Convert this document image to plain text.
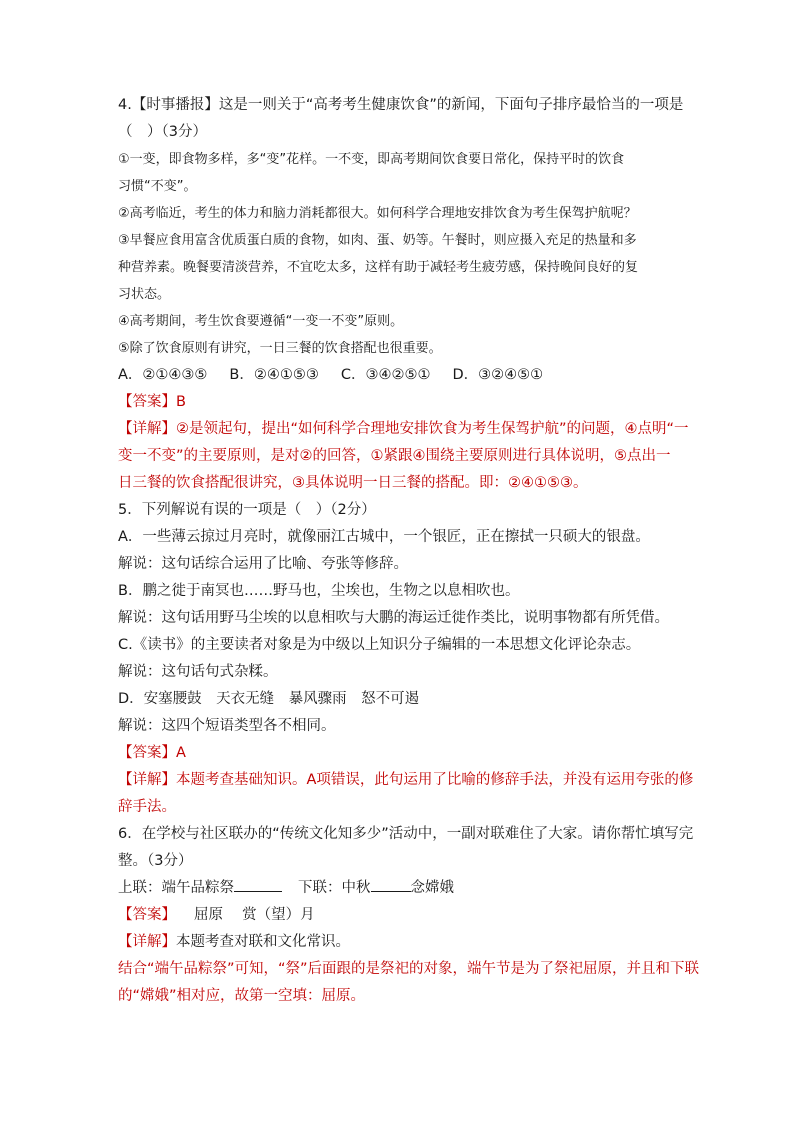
4.【时事播报】这是一则关于“高考考生健康饮食”的新闻，下面句子排序最恰当的一项是
（　）（3分）
①一变，即食物多样，多“变”花样。一不变，即高考期间饮食要日常化，保持平时的饮食
习惯“不变”。
②高考临近，考生的体力和脑力消耗都很大。如何科学合理地安排饮食为考生保驾护航呢？
③早餐应食用富含优质蛋白质的食物，如肉、蛋、奶等。午餐时，则应摄入充足的热量和多
种营养素。晚餐要清淡营养，不宜吃太多，这样有助于减轻考生疲劳感，保持晚间良好的复
习状态。
④高考期间，考生饮食要遵循“一变一不变”原则。
⑤除了饮食原则有讲究，一日三餐的饮食搭配也很重要。
A．②①④③⑤ B．②④①⑤③ C．③④②⑤① D．③②④⑤①
【答案】B
【详解】②是领起句，提出“如何科学合理地安排饮食为考生保驾护航”的问题，④点明“一
变一不变”的主要原则，是对②的回答，①紧跟④围绕主要原则进行具体说明，⑤点出一
日三餐的饮食搭配很讲究，③具体说明一日三餐的搭配。即：②④①⑤③。
5．下列解说有误的一项是（　）（2分）
A．一些薄云掠过月亮时，就像丽江古城中，一个银匠，正在擦拭一只硕大的银盘。
解说：这句话综合运用了比喻、夸张等修辞。
B．鹏之徙于南冥也……野马也，尘埃也，生物之以息相吹也。
解说：这句话用野马尘埃的以息相吹与大鹏的海运迁徙作类比，说明事物都有所凭借。
C.《读书》的主要读者对象是为中级以上知识分子编辑的一本思想文化评论杂志。
解说：这句话句式杂糅。
D．安塞腰鼓　天衣无缝　暴风骤雨　怒不可遏
解说：这四个短语类型各不相同。
【答案】A
【详解】本题考查基础知识。A项错误，此句运用了比喻的修辞手法，并没有运用夸张的修
辞手法。
6．在学校与社区联办的“传统文化知多少”活动中，一副对联难住了大家。请你帮忙填写完
整。（3分）
上联：端午品粽祭	下联：中秋	念嫦娥
【答案】 屈原　 赏（望）月
【详解】本题考查对联和文化常识。
结合“端午品粽祭”可知，“祭”后面跟的是祭祀的对象，端午节是为了祭祀屈原，并且和下联
的“嫦娥”相对应，故第一空填：屈原。
